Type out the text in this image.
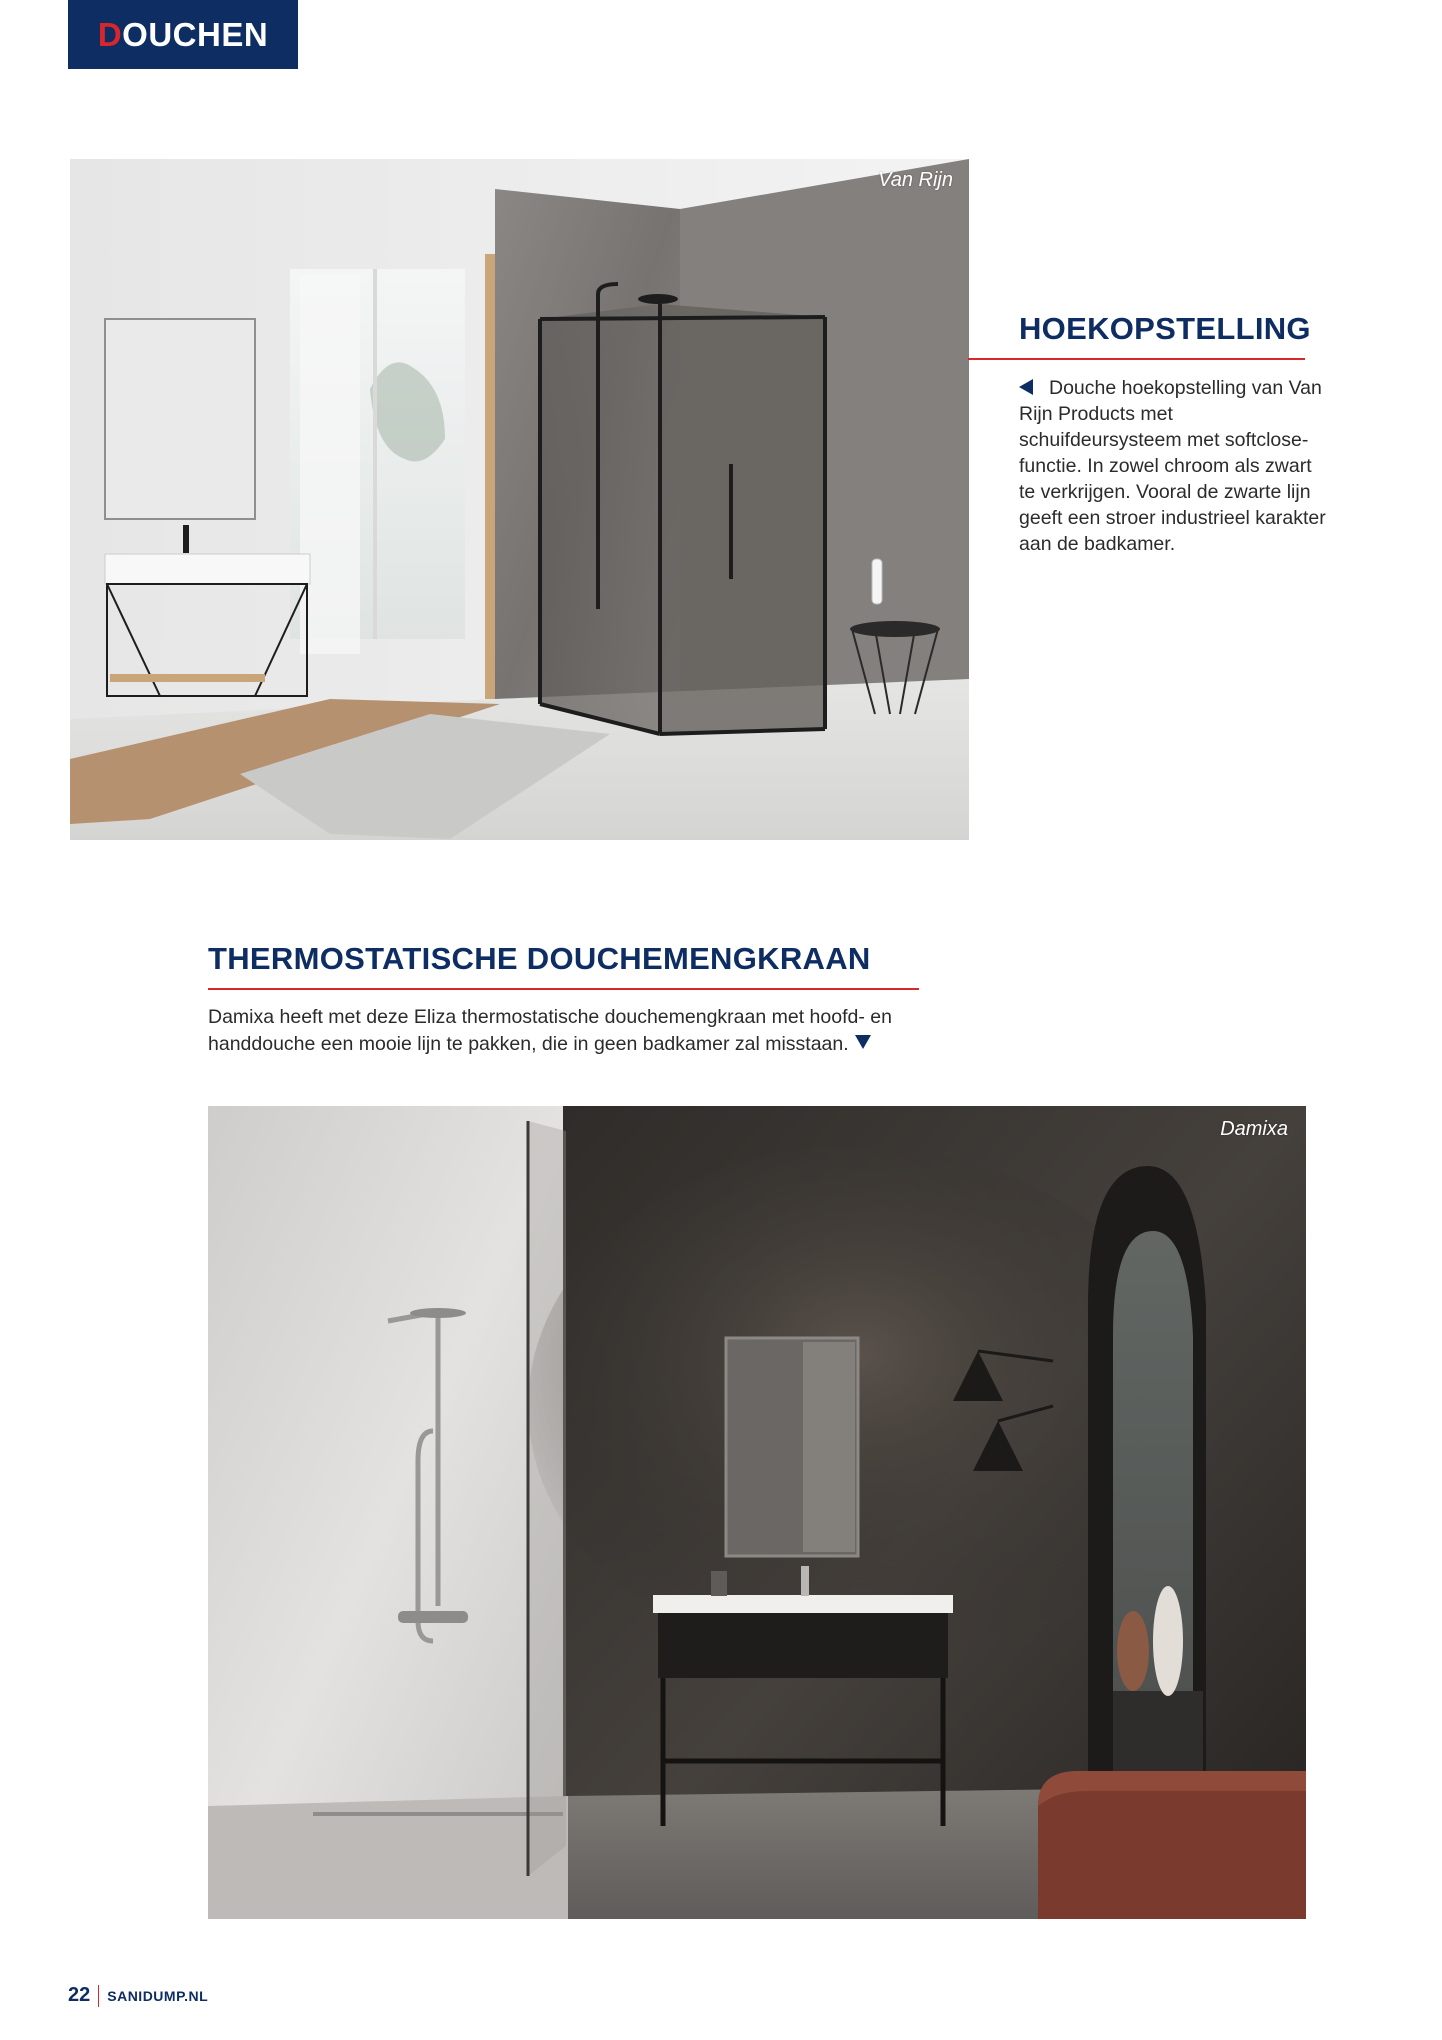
D OUCHEN
Van Rijn
HOEKOPSTELLING
Douche hoekopstelling van Van Rijn Products met schuifdeursysteem met softclose-functie. In zowel chroom als zwart te verkrijgen. Vooral de zwarte lijn geeft een stroer industrieel karakter aan de badkamer.
THERMOSTATISCHE DOUCHEMENGKRAAN
Damixa heeft met deze Eliza thermostatische douchemengkraan met hoofd- en handdouche een mooie lijn te pakken, die in geen badkamer zal misstaan.
Damixa
22 SANIDUMP.NL
